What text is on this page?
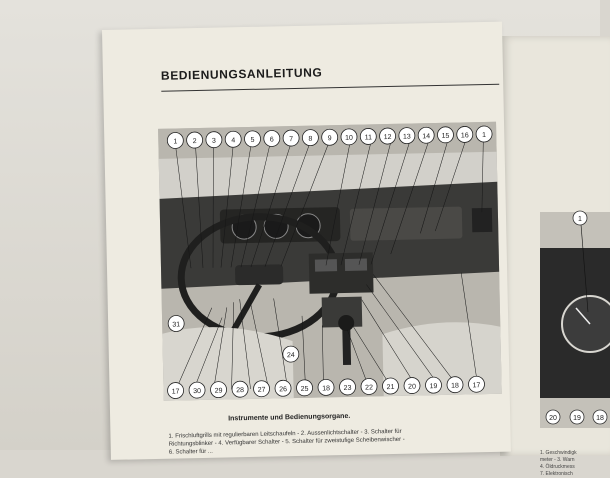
1
20 19 18
1. Geschwindigk
meter - 3. Warn
4. Öldruckmess
7. Elektronisch
BEDIENUNGSANLEITUNG
1 2 3 4 5 6 7 8 9 10 11 12 13 14 15 16 1
17 30 29 28 27 26 25 18 23 22 21 20 19 18 17
31
24
Instrumente und Bedienungsorgane.
1. Frischluftgrills mit regulierbaren Leitschaufeln - 2. Aussenlichtschalter - 3. Schalter für
Richtungsblinker - 4. Verfügbarer Schalter - 5. Schalter für zweistufige Scheibenwischer -
6. Schalter für ...
